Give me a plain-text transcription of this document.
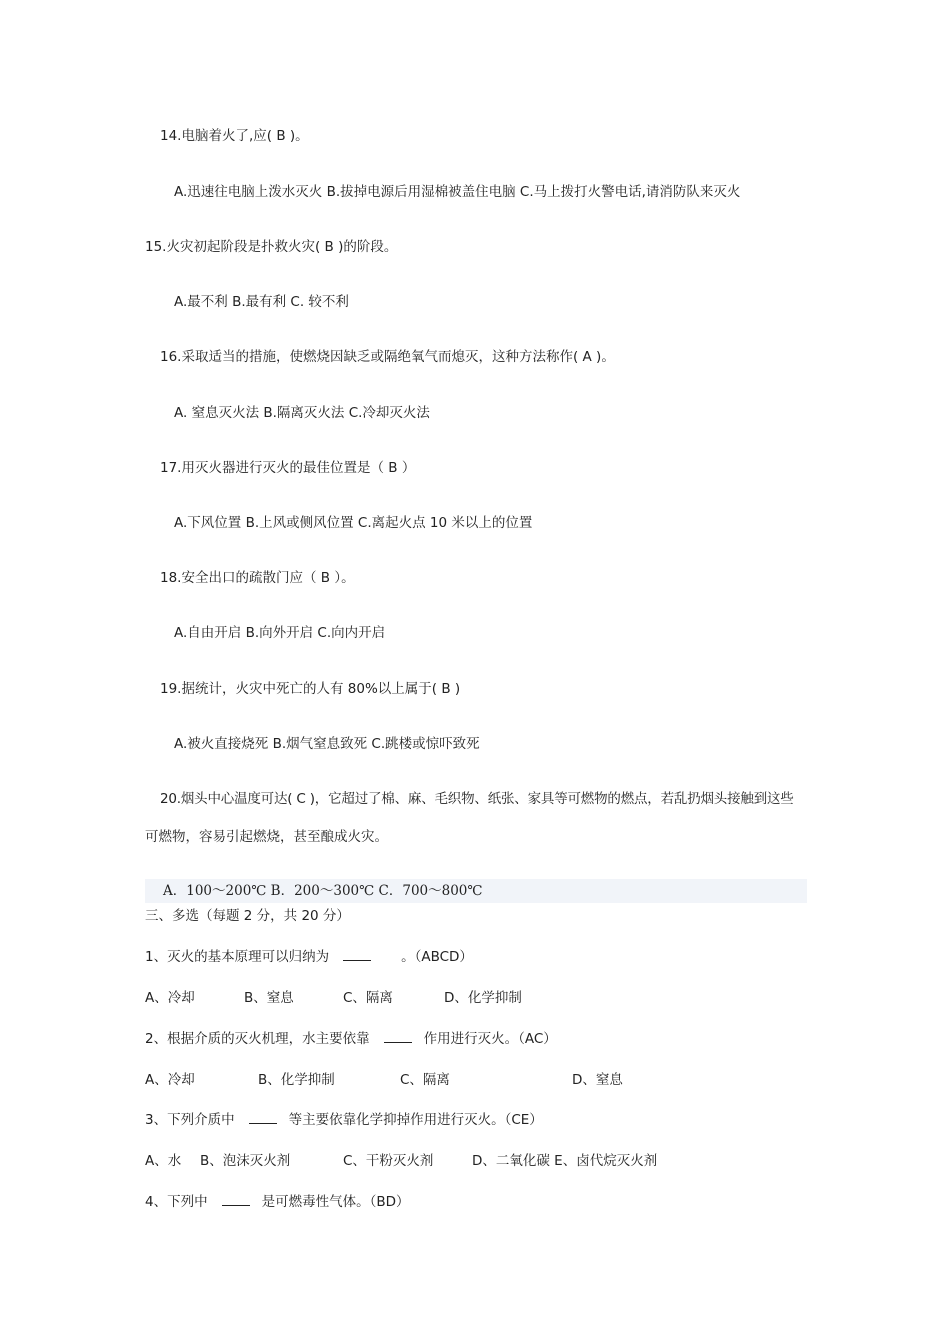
14.电脑着火了,应( B )。
A.迅速往电脑上泼水灭火 B.拔掉电源后用湿棉被盖住电脑 C.马上拨打火警电话,请消防队来灭火
15.火灾初起阶段是扑救火灾( B )的阶段。
A.最不利 B.最有利 C. 较不利
16.采取适当的措施，使燃烧因缺乏或隔绝氧气而熄灭，这种方法称作( A )。
A. 窒息灭火法 B.隔离灭火法 C.冷却灭火法
17.用灭火器进行灭火的最佳位置是（ B ）
A.下风位置 B.上风或侧风位置 C.离起火点 10 米以上的位置
18.安全出口的疏散门应（ B ）。
A.自由开启 B.向外开启 C.向内开启
19.据统计，火灾中死亡的人有 80%以上属于( B )
A.被火直接烧死 B.烟气窒息致死 C.跳楼或惊吓致死
20.烟头中心温度可达( C )，它超过了棉、麻、毛织物、纸张、家具等可燃物的燃点，若乱扔烟头接触到这些
可燃物，容易引起燃烧，甚至酿成火灾。
A．100～200℃ B．200～300℃ C．700～800℃
三、多选（每题 2 分，共 20 分）
1、灭火的基本原理可以归纳为	。（ABCD）
A、冷却	B、窒息	C、隔离	D、化学抑制
2、根据介质的灭火机理，水主要依靠	作用进行灭火。（AC）
A、冷却	B、化学抑制	C、隔离	D、窒息
3、下列介质中	等主要依靠化学抑掉作用进行灭火。（CE）
A、水 B、泡沫灭火剂	C、干粉灭火剂	D、二氧化碳 E、卤代烷灭火剂
4、下列中	是可燃毒性气体。（BD）
